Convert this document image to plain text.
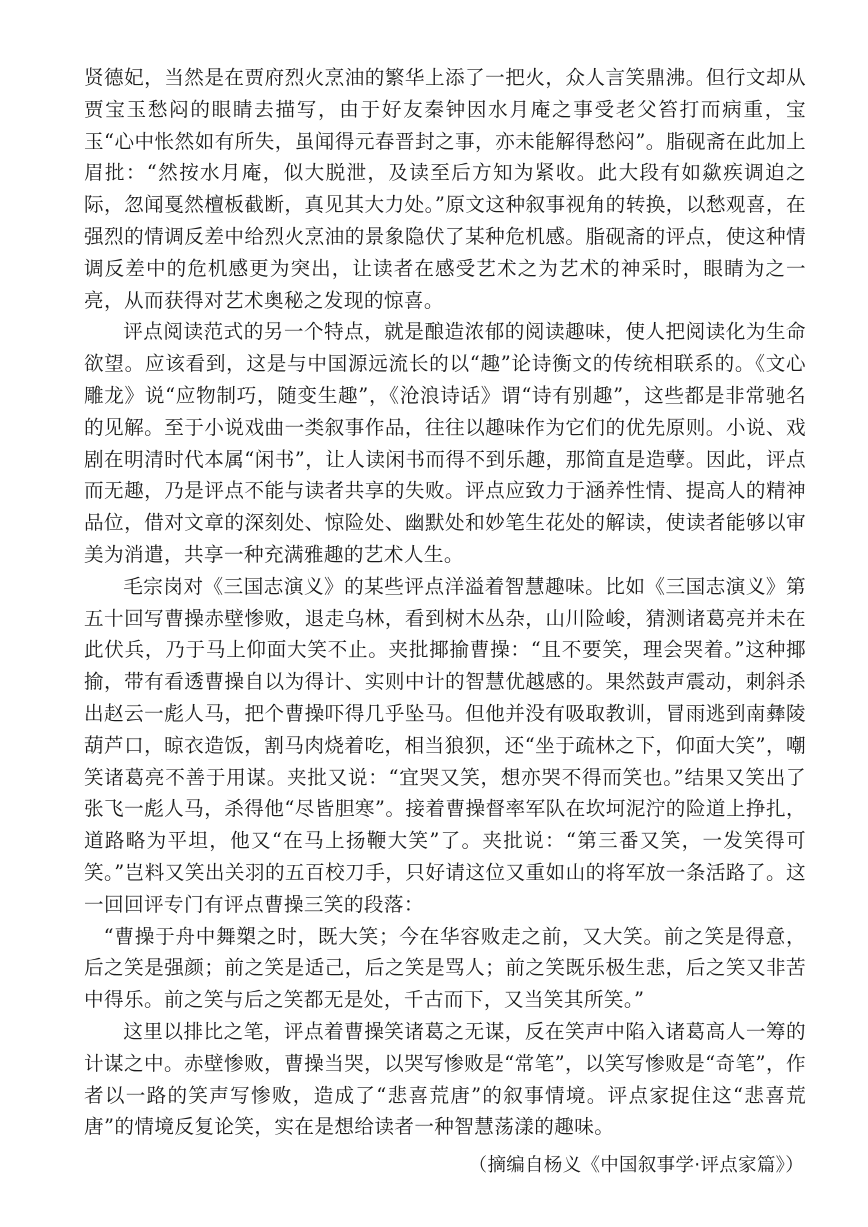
贤德妃，当然是在贾府烈火烹油的繁华上添了一把火，众人言笑鼎沸。但行文却从贾宝玉愁闷的眼睛去描写，由于好友秦钟因水月庵之事受老父笞打而病重，宝玉“心中怅然如有所失，虽闻得元春晋封之事，亦未能解得愁闷”。脂砚斋在此加上眉批：“然按水月庵，似大脱泄，及读至后方知为紧收。此大段有如歘疾调迫之际，忽闻戛然檀板截断，真见其大力处。”原文这种叙事视角的转换，以愁观喜，在强烈的情调反差中给烈火烹油的景象隐伏了某种危机感。脂砚斋的评点，使这种情调反差中的危机感更为突出，让读者在感受艺术之为艺术的神采时，眼睛为之一亮，从而获得对艺术奥秘之发现的惊喜。

评点阅读范式的另一个特点，就是酿造浓郁的阅读趣味，使人把阅读化为生命欲望。应该看到，这是与中国源远流长的以“趣”论诗衡文的传统相联系的。《文心雕龙》说“应物制巧，随变生趣”，《沧浪诗话》谓“诗有别趣”，这些都是非常驰名的见解。至于小说戏曲一类叙事作品，往往以趣味作为它们的优先原则。小说、戏剧在明清时代本属“闲书”，让人读闲书而得不到乐趣，那简直是造孽。因此，评点而无趣，乃是评点不能与读者共享的失败。评点应致力于涵养性情、提高人的精神品位，借对文章的深刻处、惊险处、幽默处和妙笔生花处的解读，使读者能够以审美为消遣，共享一种充满雅趣的艺术人生。

毛宗岗对《三国志演义》的某些评点洋溢着智慧趣味。比如《三国志演义》第五十回写曹操赤壁惨败，退走乌林，看到树木丛杂，山川险峻，猜测诸葛亮并未在此伏兵，乃于马上仰面大笑不止。夹批揶揄曹操：“且不要笑，理会哭着。”这种揶揄，带有看透曹操自以为得计、实则中计的智慧优越感的。果然鼓声震动，刺斜杀出赵云一彪人马，把个曹操吓得几乎坠马。但他并没有吸取教训，冒雨逃到南彝陵葫芦口，晾衣造饭，割马肉烧着吃，相当狼狈，还“坐于疏林之下，仰面大笑”，嘲笑诸葛亮不善于用谋。夹批又说：“宜哭又笑，想亦哭不得而笑也。”结果又笑出了张飞一彪人马，杀得他“尽皆胆寒”。接着曹操督率军队在坎坷泥泞的险道上挣扎，道路略为平坦，他又“在马上扬鞭大笑”了。夹批说：“第三番又笑，一发笑得可笑。”岂料又笑出关羽的五百校刀手，只好请这位又重如山的将军放一条活路了。这一回回评专门有评点曹操三笑的段落：

“曹操于舟中舞槊之时，既大笑；今在华容败走之前，又大笑。前之笑是得意，后之笑是强颜；前之笑是适己，后之笑是骂人；前之笑既乐极生悲，后之笑又非苦中得乐。前之笑与后之笑都无是处，千古而下，又当笑其所笑。”

这里以排比之笔，评点着曹操笑诸葛之无谋，反在笑声中陷入诸葛高人一筹的计谋之中。赤壁惨败，曹操当哭，以哭写惨败是“常笔”，以笑写惨败是“奇笔”，作者以一路的笑声写惨败，造成了“悲喜荒唐”的叙事情境。评点家捉住这“悲喜荒唐”的情境反复论笑，实在是想给读者一种智慧荡漾的趣味。

（摘编自杨义《中国叙事学·评点家篇》）
